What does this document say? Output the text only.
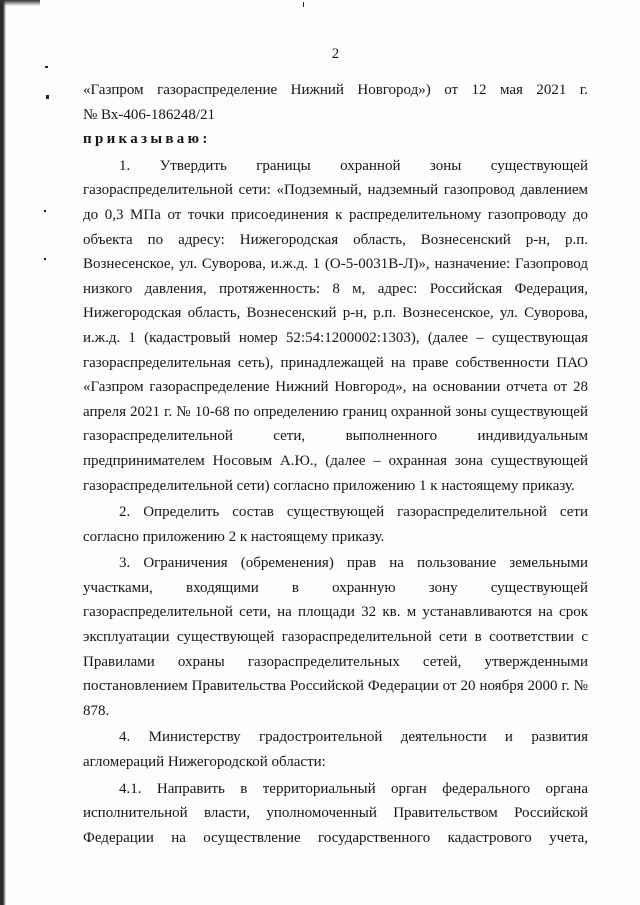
2

«Газпром газораспределение Нижний Новгород») от 12 мая 2021 г.

№ Вх-406-186248/21

приказываю:

1. Утвердить границы охранной зоны существующей газораспределительной сети: «Подземный, надземный газопровод давлением до 0,3 МПа от точки присоединения к распределительному газопроводу до объекта по адресу: Нижегородская область, Вознесенский р-н, р.п. Вознесенское, ул. Суворова, и.ж.д. 1 (О-5-0031В-Л)», назначение: Газопровод низкого давления, протяженность: 8 м, адрес: Российская Федерация, Нижегородская область, Вознесенский р-н, р.п. Вознесенское, ул. Суворова, и.ж.д. 1 (кадастровый номер 52:54:1200002:1303), (далее – существующая газораспределительная сеть), принадлежащей на праве собственности ПАО «Газпром газораспределение Нижний Новгород», на основании отчета от 28 апреля 2021 г. № 10-68 по определению границ охранной зоны существующей газораспределительной сети, выполненного индивидуальным предпринимателем Носовым А.Ю., (далее – охранная зона существующей газораспределительной сети) согласно приложению 1 к настоящему приказу.

2. Определить состав существующей газораспределительной сети согласно приложению 2 к настоящему приказу.

3. Ограничения (обременения) прав на пользование земельными участками, входящими в охранную зону существующей газораспределительной сети, на площади 32 кв. м устанавливаются на срок эксплуатации существующей газораспределительной сети в соответствии с Правилами охраны газораспределительных сетей, утвержденными постановлением Правительства Российской Федерации от 20 ноября 2000 г. № 878.

4. Министерству градостроительной деятельности и развития агломераций Нижегородской области:

4.1. Направить в территориальный орган федерального органа исполнительной власти, уполномоченный Правительством Российской Федерации на осуществление государственного кадастрового учета,
